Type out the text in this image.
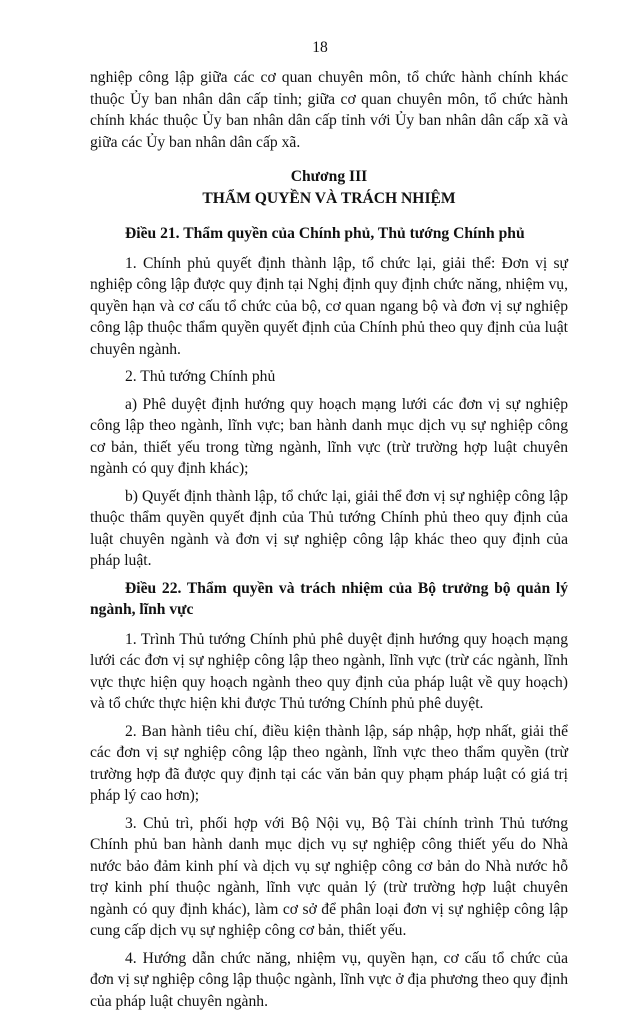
18

nghiệp công lập giữa các cơ quan chuyên môn, tổ chức hành chính khác thuộc Ủy ban nhân dân cấp tỉnh; giữa cơ quan chuyên môn, tổ chức hành chính khác thuộc Ủy ban nhân dân cấp tỉnh với Ủy ban nhân dân cấp xã và giữa các Ủy ban nhân dân cấp xã.

Chương III
THẨM QUYỀN VÀ TRÁCH NHIỆM
Điều 21. Thẩm quyền của Chính phủ, Thủ tướng Chính phủ

1. Chính phủ quyết định thành lập, tổ chức lại, giải thể: Đơn vị sự nghiệp công lập được quy định tại Nghị định quy định chức năng, nhiệm vụ, quyền hạn và cơ cấu tổ chức của bộ, cơ quan ngang bộ và đơn vị sự nghiệp công lập thuộc thẩm quyền quyết định của Chính phủ theo quy định của luật chuyên ngành.

2. Thủ tướng Chính phủ

a) Phê duyệt định hướng quy hoạch mạng lưới các đơn vị sự nghiệp công lập theo ngành, lĩnh vực; ban hành danh mục dịch vụ sự nghiệp công cơ bản, thiết yếu trong từng ngành, lĩnh vực (trừ trường hợp luật chuyên ngành có quy định khác);

b) Quyết định thành lập, tổ chức lại, giải thể đơn vị sự nghiệp công lập thuộc thẩm quyền quyết định của Thủ tướng Chính phủ theo quy định của luật chuyên ngành và đơn vị sự nghiệp công lập khác theo quy định của pháp luật.

Điều 22. Thẩm quyền và trách nhiệm của Bộ trưởng bộ quản lý ngành, lĩnh vực

1. Trình Thủ tướng Chính phủ phê duyệt định hướng quy hoạch mạng lưới các đơn vị sự nghiệp công lập theo ngành, lĩnh vực (trừ các ngành, lĩnh vực thực hiện quy hoạch ngành theo quy định của pháp luật về quy hoạch) và tổ chức thực hiện khi được Thủ tướng Chính phủ phê duyệt.

2. Ban hành tiêu chí, điều kiện thành lập, sáp nhập, hợp nhất, giải thể các đơn vị sự nghiệp công lập theo ngành, lĩnh vực theo thẩm quyền (trừ trường hợp đã được quy định tại các văn bản quy phạm pháp luật có giá trị pháp lý cao hơn);

3. Chủ trì, phối hợp với Bộ Nội vụ, Bộ Tài chính trình Thủ tướng Chính phủ ban hành danh mục dịch vụ sự nghiệp công thiết yếu do Nhà nước bảo đảm kinh phí và dịch vụ sự nghiệp công cơ bản do Nhà nước hỗ trợ kinh phí thuộc ngành, lĩnh vực quản lý (trừ trường hợp luật chuyên ngành có quy định khác), làm cơ sở để phân loại đơn vị sự nghiệp công lập cung cấp dịch vụ sự nghiệp công cơ bản, thiết yếu.

4. Hướng dẫn chức năng, nhiệm vụ, quyền hạn, cơ cấu tổ chức của đơn vị sự nghiệp công lập thuộc ngành, lĩnh vực ở địa phương theo quy định của pháp luật chuyên ngành.
